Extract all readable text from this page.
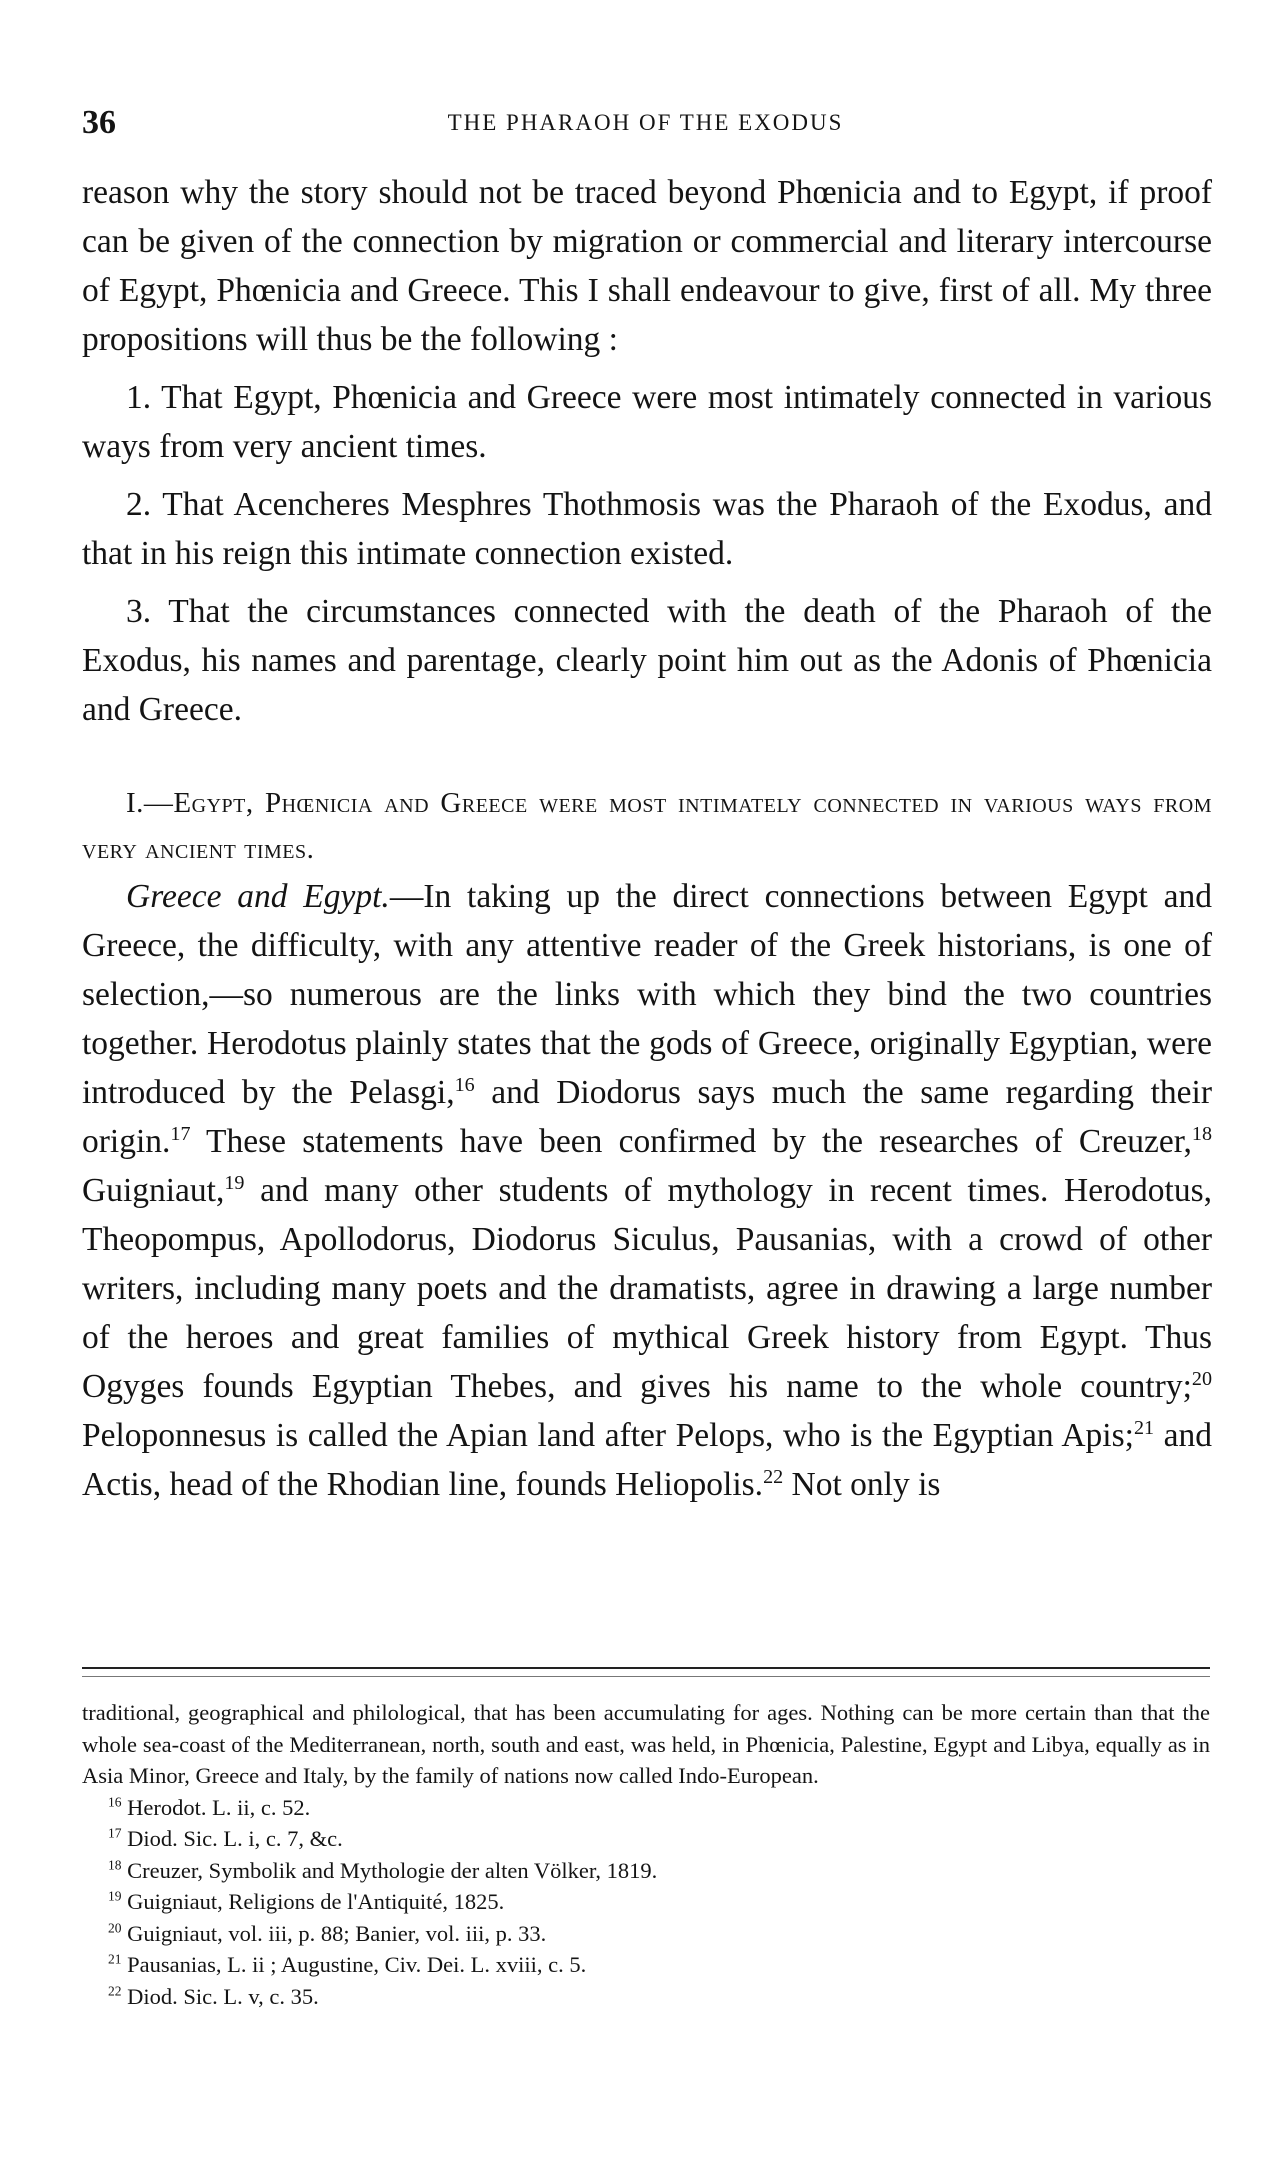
36	THE PHARAOH OF THE EXODUS

reason why the story should not be traced beyond Phœnicia and to Egypt, if proof can be given of the connection by migration or commercial and literary intercourse of Egypt, Phœnicia and Greece. This I shall endeavour to give, first of all. My three propositions will thus be the following :

1. That Egypt, Phœnicia and Greece were most intimately connected in various ways from very ancient times.

2. That Acencheres Mesphres Thothmosis was the Pharaoh of the Exodus, and that in his reign this intimate connection existed.

3. That the circumstances connected with the death of the Pharaoh of the Exodus, his names and parentage, clearly point him out as the Adonis of Phœnicia and Greece.

I.—Egypt, Phœnicia and Greece were most intimately connected in various ways from very ancient times.

Greece and Egypt.—In taking up the direct connections between Egypt and Greece, the difficulty, with any attentive reader of the Greek historians, is one of selection,—so numerous are the links with which they bind the two countries together. Herodotus plainly states that the gods of Greece, originally Egyptian, were introduced by the Pelasgi,$^{16}$ and Diodorus says much the same regarding their origin.$^{17}$ These statements have been confirmed by the researches of Creuzer,$^{18}$ Guigniaut,$^{19}$ and many other students of mythology in recent times. Herodotus, Theopompus, Apollodorus, Diodorus Siculus, Pausanias, with a crowd of other writers, including many poets and the dramatists, agree in drawing a large number of the heroes and great families of mythical Greek history from Egypt. Thus Ogyges founds Egyptian Thebes, and gives his name to the whole country;$^{20}$ Peloponnesus is called the Apian land after Pelops, who is the Egyptian Apis;$^{21}$ and Actis, head of the Rhodian line, founds Heliopolis.$^{22}$ Not only is

traditional, geographical and philological, that has been accumulating for ages. Nothing can be more certain than that the whole sea-coast of the Mediterranean, north, south and east, was held, in Phœnicia, Palestine, Egypt and Libya, equally as in Asia Minor, Greece and Italy, by the family of nations now called Indo-European.

$^{16}$ Herodot. L. ii, c. 52.

$^{17}$ Diod. Sic. L. i, c. 7, &c.

$^{18}$ Creuzer, Symbolik and Mythologie der alten Völker, 1819.

$^{19}$ Guigniaut, Religions de l'Antiquité, 1825.

$^{20}$ Guigniaut, vol. iii, p. 88; Banier, vol. iii, p. 33.

$^{21}$ Pausanias, L. ii ; Augustine, Civ. Dei. L. xviii, c. 5.

$^{22}$ Diod. Sic. L. v, c. 35.
